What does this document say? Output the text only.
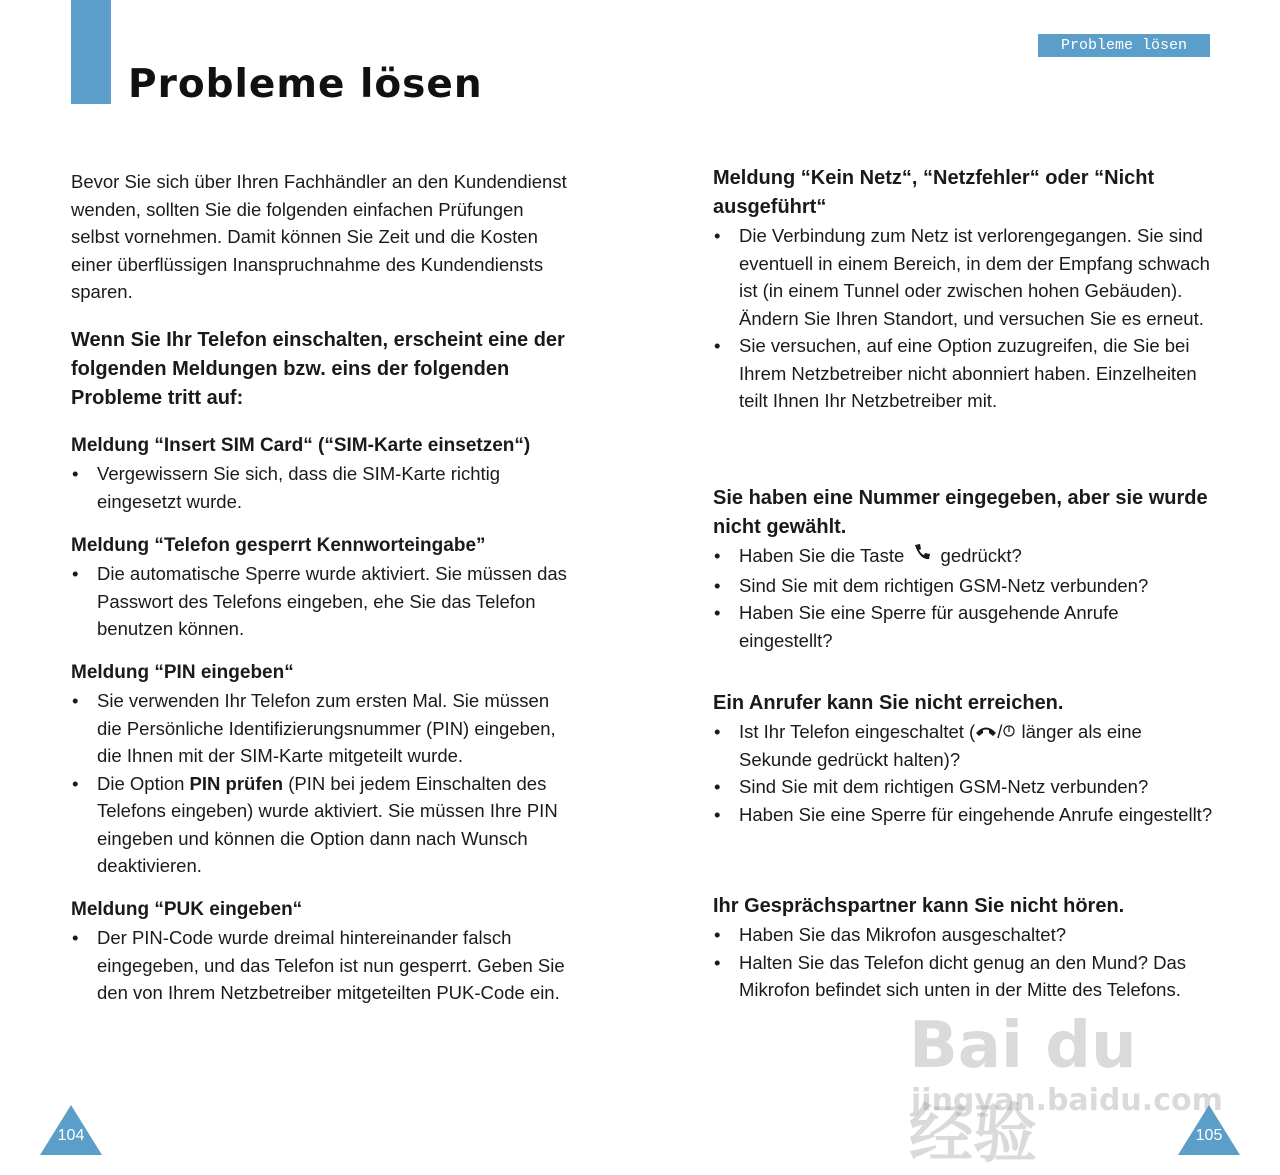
Probleme lösen
Probleme lösen

Bevor Sie sich über Ihren Fachhändler an den Kundendienst wenden, sollten Sie die folgenden einfachen Prüfungen selbst vornehmen. Damit können Sie Zeit und die Kosten einer überflüssigen Inanspruchnahme des Kundendiensts sparen.

Wenn Sie Ihr Telefon einschalten, erscheint eine der folgenden Meldungen bzw. eins der folgenden Probleme tritt auf:
Meldung “Insert SIM Card“ (“SIM-Karte einsetzen“)
• Vergewissern Sie sich, dass die SIM-Karte richtig eingesetzt wurde.
Meldung “Telefon gesperrt Kennworteingabe”
• Die automatische Sperre wurde aktiviert. Sie müssen das Passwort des Telefons eingeben, ehe Sie das Telefon benutzen können.
Meldung “PIN eingeben“
• Sie verwenden Ihr Telefon zum ersten Mal. Sie müssen die Persönliche Identifizierungsnummer (PIN) eingeben, die Ihnen mit der SIM-Karte mitgeteilt wurde.
• Die Option PIN prüfen (PIN bei jedem Einschalten des Telefons eingeben) wurde aktiviert. Sie müssen Ihre PIN eingeben und können die Option dann nach Wunsch deaktivieren.
Meldung “PUK eingeben“
• Der PIN-Code wurde dreimal hintereinander falsch eingegeben, und das Telefon ist nun gesperrt. Geben Sie den von Ihrem Netzbetreiber mitgeteilten PUK-Code ein.
Meldung “Kein Netz“, “Netzfehler“ oder “Nicht ausgeführt“
• Die Verbindung zum Netz ist verlorengegangen. Sie sind eventuell in einem Bereich, in dem der Empfang schwach ist (in einem Tunnel oder zwischen hohen Gebäuden). Ändern Sie Ihren Standort, und versuchen Sie es erneut.
• Sie versuchen, auf eine Option zuzugreifen, die Sie bei Ihrem Netzbetreiber nicht abonniert haben. Einzelheiten teilt Ihnen Ihr Netzbetreiber mit.
Sie haben eine Nummer eingegeben, aber sie wurde nicht gewählt.
• Haben Sie die Taste  gedrückt?
• Sind Sie mit dem richtigen GSM-Netz verbunden?
• Haben Sie eine Sperre für ausgehende Anrufe eingestellt?
Ein Anrufer kann Sie nicht erreichen.
• Ist Ihr Telefon eingeschaltet ( / länger als eine Sekunde gedrückt halten)?
• Sind Sie mit dem richtigen GSM-Netz verbunden?
• Haben Sie eine Sperre für eingehende Anrufe eingestellt?
Ihr Gesprächspartner kann Sie nicht hören.
• Haben Sie das Mikrofon ausgeschaltet?
• Halten Sie das Telefon dicht genug an den Mund? Das Mikrofon befindet sich unten in der Mitte des Telefons.
Bai du 经验
jingyan.baidu.com
104	105
